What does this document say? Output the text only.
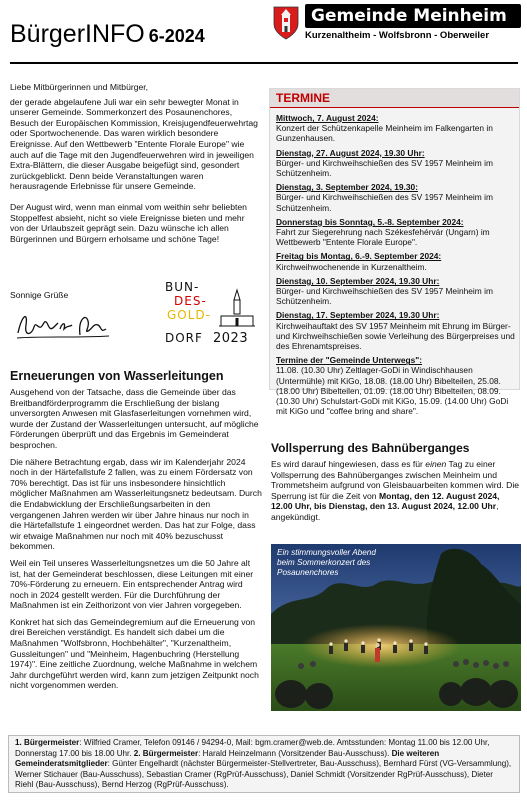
BürgerINFO 6-2024
Gemeinde Meinheim
Kurzenaltheim - Wolfsbronn - Oberweiler

Liebe Mitbürgerinnen und Mitbürger,

der gerade abgelaufene Juli war ein sehr bewegter Monat in unserer Gemeinde. Sommerkonzert des Posaunenchores, Besuch der Europäischen Kommission, Kreisjugendfeuerwehrtag oder Sportwochenende. Das waren wirklich besondere Ereignisse. Auf den Wettbewerb "Entente Florale Europe" wie auch auf die Tage mit den Jugendfeuerwehren wird in jeweiligen Extra-Blättern, die dieser Ausgabe beigefügt sind, gesondert zurückgeblickt. Denn beide Veranstaltungen waren herausragende Erlebnisse für unsere Gemeinde.

Der August wird, wenn man einmal vom weithin sehr beliebten Stoppelfest absieht, nicht so viele Ereignisse bieten und mehr von der Urlaubszeit geprägt sein. Dazu wünsche ich allen Bürgerinnen und Bürgern erholsame und schöne Tage!

Sonnige Grüße
BUN-
DES-
GOLD-
DORF 2023
Erneuerungen von Wasserleitungen

Ausgehend von der Tatsache, dass die Gemeinde über das Breitbandförderprogramm die Erschließung der bislang unversorgten Anwesen mit Glasfaserleitungen vornehmen wird, wurde der Zustand der Wasserleitungen untersucht, auf mögliche Förderungen überprüft und das Ergebnis im Gemeinderat besprochen.

Die nähere Betrachtung ergab, dass wir im Kalenderjahr 2024 noch in der Härtefallstufe 2 fallen, was zu einem Fördersatz von 70% berechtigt. Das ist für uns insbesondere hinsichtlich möglicher Maßnahmen am Wasserleitungsnetz bedeutsam. Durch die Endabwicklung der Erschließungsarbeiten in den vergangenen Jahren werden wir über Jahre hinaus nur noch in die Härtefallstufe 1 eingeordnet werden. Das hat zur Folge, dass wir etwaige Maßnahmen nur noch mit 40% bezuschusst bekommen.

Weil ein Teil unseres Wasserleitungsnetzes um die 50 Jahre alt ist, hat der Gemeinderat beschlossen, diese Leitungen mit einer 70%-Förderung zu erneuern. Ein entsprechender Antrag wird noch in 2024 gestellt werden. Für die Durchführung der Maßnahmen ist ein Zeithorizont von vier Jahren vorgegeben.

Konkret hat sich das Gemeindegremium auf die Erneuerung von drei Bereichen verständigt. Es handelt sich dabei um die Maßnahmen "Wolfsbronn, Hochbehälter", "Kurzenaltheim, Gussleitungen" und "Meinheim, Hagenbuchring (Herstellung 1974)". Eine zeitliche Zuordnung, welche Maßnahme in welchem Jahr durchgeführt werden wird, kann zum jetzigen Zeitpunkt noch nicht vorgenommen werden.

TERMINE
Mittwoch, 7. August 2024:
Konzert der Schützenkapelle Meinheim im Falkengarten in Gunzenhausen.
Dienstag, 27. August 2024, 19.30 Uhr:
Bürger- und Kirchweihschießen des SV 1957 Meinheim im Schützenheim.
Dienstag, 3. September 2024, 19.30:
Bürger- und Kirchweihschießen des SV 1957 Meinheim im Schützenheim.
Donnerstag bis Sonntag, 5.-8. September 2024:
Fahrt zur Siegerehrung nach Székesfehérvár (Ungarn) im Wettbewerb "Entente Florale Europe".
Freitag bis Montag, 6.-9. September 2024:
Kirchweihwochenende in Kurzenaltheim.
Dienstag, 10. September 2024, 19.30 Uhr:
Bürger- und Kirchweihschießen des SV 1957 Meinheim im Schützenheim.
Dienstag, 17. September 2024, 19.30 Uhr:
Kirchweihauftakt des SV 1957 Meinheim mit Ehrung im Bürger- und Kirchweihschießen sowie Verleihung des Bürgerpreises und des Ehrenamtspreises.
Termine der "Gemeinde Unterwegs":
11.08. (10.30 Uhr) Zeltlager-GoDi in Windischhausen (Untermühle) mit KiGo, 18.08. (18.00 Uhr) Bibelteilen, 25.08. (18.00 Uhr) Bibelteilen, 01.09. (18.00 Uhr) Bibelteilen, 08.09. (10.30 Uhr) Schulstart-GoDi mit KiGo, 15.09. (14.00 Uhr) GoDi mit KiGo und "coffee bring and share".
Vollsperrung des Bahnüberganges
Es wird darauf hingewiesen, dass es für einen Tag zu einer Vollsperrung des Bahnüberganges zwischen Meinheim und Trommetsheim aufgrund von Gleisbauarbeiten kommen wird. Die Sperrung ist für die Zeit von Montag, den 12. August 2024, 12.00 Uhr, bis Dienstag, den 13. August 2024, 12.00 Uhr, angekündigt.
Ein stimmungsvoller Abend beim Sommerkonzert des Posaunenchores
1. Bürgermeister: Wilfried Cramer, Telefon 09146 / 94294-0, Mail: bgm.cramer@web.de. Amtsstunden: Montag 11.00 bis 12.00 Uhr, Donnerstag 17.00 bis 18.00 Uhr. 2. Bürgermeister: Harald Heinzelmann (Vorsitzender Bau-Ausschuss). Die weiteren Gemeinderatsmitglieder: Günter Engelhardt (nächster Bürgermeister-Stellvertreter, Bau-Ausschuss), Bernhard Fürst (VG-Versammlung), Werner Stichauer (Bau-Ausschuss), Sebastian Cramer (RgPrüf-Ausschuss), Daniel Schmidt (Vorsitzender RgPrüf-Ausschuss), Dieter Riehl (Bau-Ausschuss), Bernd Herzog (RgPrüf-Ausschuss).
